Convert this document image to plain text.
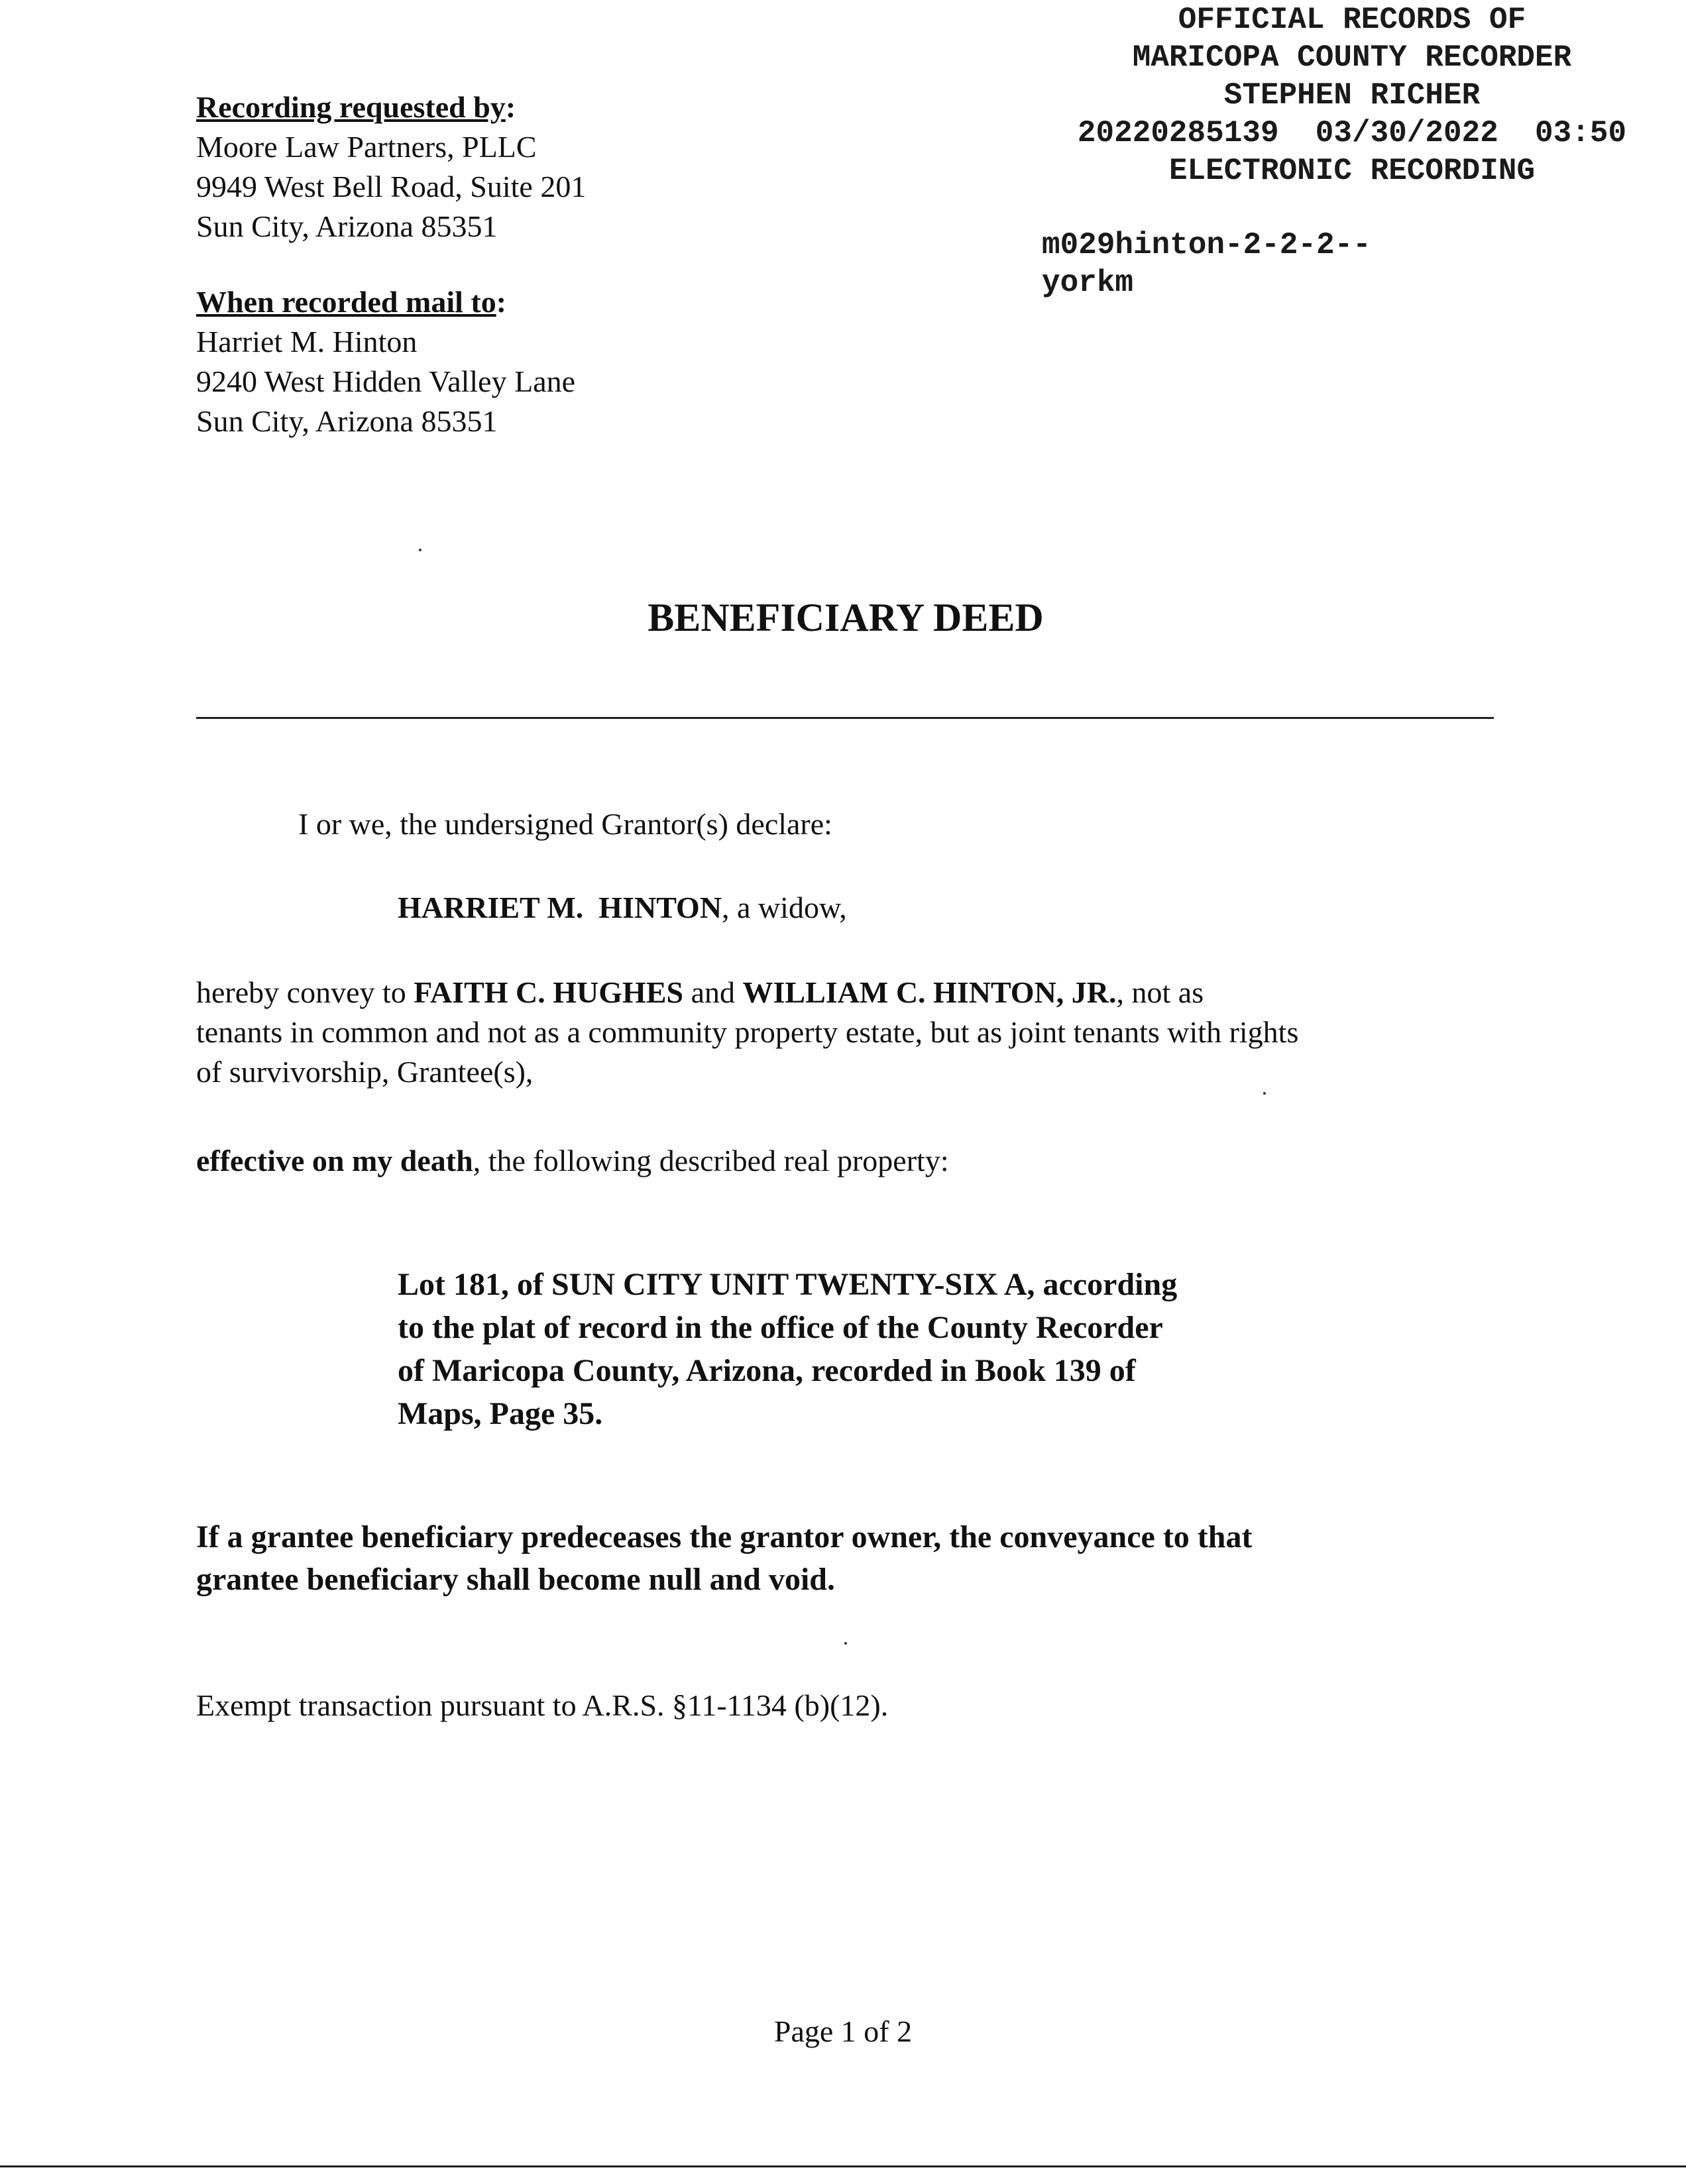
OFFICIAL RECORDS OF
MARICOPA COUNTY RECORDER
STEPHEN RICHER
20220285139 03/30/2022 03:50
ELECTRONIC RECORDING
m029hinton-2-2-2--
yorkm
Recording requested by:
Moore Law Partners, PLLC
9949 West Bell Road, Suite 201
Sun City, Arizona 85351
When recorded mail to:
Harriet M. Hinton
9240 West Hidden Valley Lane
Sun City, Arizona 85351
BENEFICIARY DEED
I or we, the undersigned Grantor(s) declare:
HARRIET M.  HINTON, a widow,
hereby convey to FAITH C. HUGHES and WILLIAM C. HINTON, JR., not as
tenants in common and not as a community property estate, but as joint tenants with rights
of survivorship, Grantee(s),
effective on my death, the following described real property:
Lot 181, of SUN CITY UNIT TWENTY-SIX A, according
to the plat of record in the office of the County Recorder
of Maricopa County, Arizona, recorded in Book 139 of
Maps, Page 35.
If a grantee beneficiary predeceases the grantor owner, the conveyance to that
grantee beneficiary shall become null and void.
Exempt transaction pursuant to A.R.S. §11-1134 (b)(12).
Page 1 of 2
